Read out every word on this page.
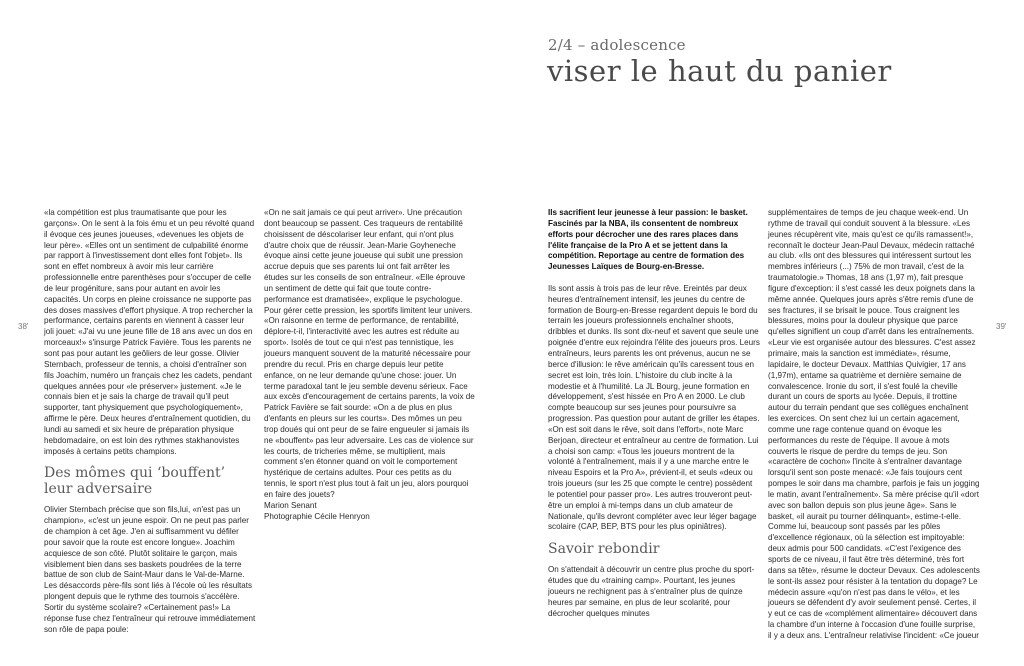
2/4 – adolescence
viser le haut du panier
38'	39'

«la compétition est plus traumatisante que pour les garçons». On le sent à la fois ému et un peu révolté quand il évoque ces jeunes joueuses, «devenues les objets de leur père». «Elles ont un sentiment de culpabilité énorme par rapport à l'investissement dont elles font l'objet». Ils sont en effet nombreux à avoir mis leur carrière professionnelle entre parenthèses pour s'occuper de celle de leur progéniture, sans pour autant en avoir les capacités. Un corps en pleine croissance ne supporte pas des doses massives d'effort physique. A trop rechercher la performance, certains parents en viennent à casser leur joli jouet: «J'ai vu une jeune fille de 18 ans avec un dos en morceaux!» s'insurge Patrick Favière. Tous les parents ne sont pas pour autant les geôliers de leur gosse. Olivier Sternbach, professeur de tennis, a choisi d'entraîner son fils Joachim, numéro un français chez les cadets, pendant quelques années pour «le préserver» justement. «Je le connais bien et je sais la charge de travail qu'il peut supporter, tant physiquement que psychologiquement», affirme le père. Deux heures d'entraînement quotidien, du lundi au samedi et six heure de préparation physique hebdomadaire, on est loin des rythmes stakhanovistes imposés à certains petits champions.

Des mômes qui ‘bouffent’ leur adversaire

Olivier Sternbach précise que son fils,lui, «n'est pas un champion», «c'est un jeune espoir. On ne peut pas parler de champion à cet âge. J'en ai suffisamment vu défiler pour savoir que la route est encore longue». Joachim acquiesce de son côté. Plutôt solitaire le garçon, mais visiblement bien dans ses baskets poudrées de la terre battue de son club de Saint-Maur dans le Val-de-Marne. Les désaccords père-fils sont liés à l'école où les résultats plongent depuis que le rythme des tournois s'accélère. Sortir du système scolaire? «Certainement pas!» La réponse fuse chez l'entraîneur qui retrouve immédiatement son rôle de papa poule:

«On ne sait jamais ce qui peut arriver». Une précaution dont beaucoup se passent. Ces traqueurs de rentabilité choisissent de déscolariser leur enfant, qui n'ont plus d'autre choix que de réussir. Jean-Marie Goyheneche évoque ainsi cette jeune joueuse qui subit une pression accrue depuis que ses parents lui ont fait arrêter les études sur les conseils de son entraîneur. «Elle éprouve un sentiment de dette qui fait que toute contre-performance est dramatisée», explique le psychologue. Pour gérer cette pression, les sportifs limitent leur univers. «On raisonne en terme de performance, de rentabilité, déplore-t-il, l'interactivité avec les autres est réduite au sport». Isolés de tout ce qui n'est pas tennistique, les joueurs manquent souvent de la maturité nécessaire pour prendre du recul. Pris en charge depuis leur petite enfance, on ne leur demande qu'une chose: jouer. Un terme paradoxal tant le jeu semble devenu sérieux. Face aux excès d'encouragement de certains parents, la voix de Patrick Favière se fait sourde: «On a de plus en plus d'enfants en pleurs sur les courts». Des mômes un peu trop doués qui ont peur de se faire engueuler si jamais ils ne «bouffent» pas leur adversaire. Les cas de violence sur les courts, de tricheries même, se multiplient, mais comment s'en étonner quand on voit le comportement hystérique de certains adultes. Pour ces petits as du tennis, le sport n'est plus tout à fait un jeu, alors pourquoi en faire des jouets?

Marion Senant

Photographie Cécile Henryon

Ils sacrifient leur jeunesse à leur passion: le basket. Fascinés par la NBA, ils consentent de nombreux efforts pour décrocher une des rares places dans l'élite française de la Pro A et se jettent dans la compétition. Reportage au centre de formation des Jeunesses Laïques de Bourg-en-Bresse.

Ils sont assis à trois pas de leur rêve. Ereintés par deux heures d'entraînement intensif, les jeunes du centre de formation de Bourg-en-Bresse regardent depuis le bord du terrain les joueurs professionnels enchaîner shoots, dribbles et dunks. Ils sont dix-neuf et savent que seule une poignée d'entre eux rejoindra l'élite des joueurs pros. Leurs entraîneurs, leurs parents les ont prévenus, aucun ne se berce d'illusion: le rêve américain qu'ils caressent tous en secret est loin, très loin. L'histoire du club incite à la modestie et à l'humilité. La JL Bourg, jeune formation en développement, s'est hissée en Pro A en 2000. Le club compte beaucoup sur ses jeunes pour poursuivre sa progression. Pas question pour autant de griller les étapes. «On est soit dans le rêve, soit dans l'effort», note Marc Berjoan, directeur et entraîneur au centre de formation. Lui a choisi son camp: «Tous les joueurs montrent de la volonté à l'entraînement, mais il y a une marche entre le niveau Espoirs et la Pro A», prévient-il, et seuls «deux ou trois joueurs (sur les 25 que compte le centre) possèdent le potentiel pour passer pro». Les autres trouveront peut-être un emploi à mi-temps dans un club amateur de Nationale, qu'ils devront compléter avec leur léger bagage scolaire (CAP, BEP, BTS pour les plus opiniâtres).

Savoir rebondir

On s'attendait à découvrir un centre plus proche du sport-études que du «training camp». Pourtant, les jeunes joueurs ne rechignent pas à s'entraîner plus de quinze heures par semaine, en plus de leur scolarité, pour décrocher quelques minutes

supplémentaires de temps de jeu chaque week-end. Un rythme de travail qui conduit souvent à la blessure. «Les jeunes récupèrent vite, mais qu'est ce qu'ils ramassent!», reconnaît le docteur Jean-Paul Devaux, médecin rattaché au club. «Ils ont des blessures qui intéressent surtout les membres inférieurs (...) 75% de mon travail, c'est de la traumatologie.» Thomas, 18 ans (1,97 m), fait presque figure d'exception: il s'est cassé les deux poignets dans la même année. Quelques jours après s'être remis d'une de ses fractures, il se brisait le pouce. Tous craignent les blessures, moins pour la douleur physique que parce qu'elles signifient un coup d'arrêt dans les entraînements. «Leur vie est organisée autour des blessures. C'est assez primaire, mais la sanction est immédiate», résume, lapidaire, le docteur Devaux. Matthias Quivigier, 17 ans (1,97m), entame sa quatrième et dernière semaine de convalescence. Ironie du sort, il s'est foulé la cheville durant un cours de sports au lycée. Depuis, il trottine autour du terrain pendant que ses collègues enchaînent les exercices. On sent chez lui un certain agacement, comme une rage contenue quand on évoque les performances du reste de l'équipe. Il avoue à mots couverts le risque de perdre du temps de jeu. Son «caractère de cochon» l'incite à s'entraîner davantage lorsqu'il sent son poste menacé: «Je fais toujours cent pompes le soir dans ma chambre, parfois je fais un jogging le matin, avant l'entraînement». Sa mère précise qu'il «dort avec son ballon depuis son plus jeune âge». Sans le basket, «il aurait pu tourner délinquant», estime-t-elle. Comme lui, beaucoup sont passés par les pôles d'excellence régionaux, où la sélection est impitoyable: deux admis pour 500 candidats. «C'est l'exigence des sports de ce niveau, il faut être très déterminé, très fort dans sa tête», résume le docteur Devaux. Ces adolescents le sont-ils assez pour résister à la tentation du dopage? Le médecin assure «qu'on n'est pas dans le vélo», et les joueurs se défendent d'y avoir seulement pensé. Certes, il y eut ce cas de «complément alimentaire» découvert dans la chambre d'un interne à l'occasion d'une fouille surprise, il y a deux ans. L'entraîneur relativise l'incident: «Ce joueur
